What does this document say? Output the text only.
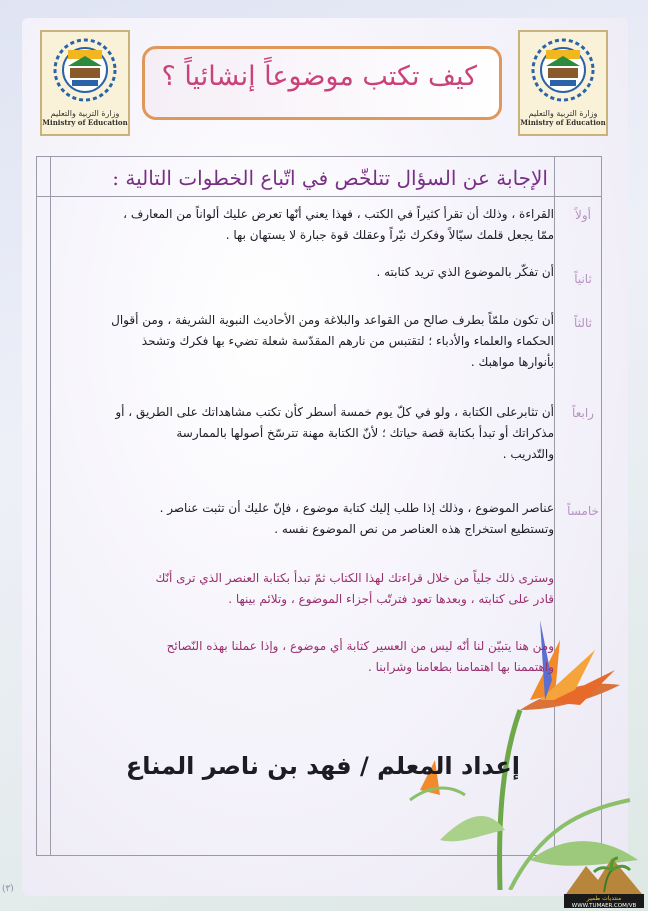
وزارة التربية والتعليم
Ministry of Education
وزارة التربية والتعليم
Ministry of Education
كيف تكتب موضوعاً إنشائياً ؟
الإجابة عن السؤال تتلخّص في اتّباع الخطوات التالية :
أولاً
القراءة ، وذلك أن تقرأ كثيراً في الكتب ، فهذا يعني أنّها تعرض عليك ألواناً من المعارف ،
ممّا يجعل قلمك سيّالاً وفكرك نيّراً وعقلك قوة جبارة لا يستهان بها .
ثانياً
أن تفكّر بالموضوع الذي تريد كتابته .
ثالثاً
أن تكون ملمّاً بطرف صالح من القواعد والبلاغة ومن الأحاديث النبوية الشريفة ، ومن أقوال
الحكماء والعلماء والأدباء ؛ لتقتبس من نارهم المقدّسة شعلة تضيء بها فكرك وتشحذ
بأنوارها مواهبك .
رابعاً
أن تثابرعلى الكتابة ، ولو في كلّ يوم خمسة أسطر كأن تكتب مشاهداتك على الطريق ، أو
مذكراتك أو تبدأ بكتابة قصة حياتك ؛ لأنّ الكتابة مهنة تترسّخ أصولها بالممارسة
والتّدريب .
خامساً
عناصر الموضوع ، وذلك إذا طلب إليك كتابة موضوع ، فإنّ عليك أن تثبت عناصر .
وتستطيع استخراج هذه العناصر من نص الموضوع نفسه .
وسترى ذلك جلياً من خلال قراءتك لهذا الكتاب ثمّ تبدأ بكتابة العنصر الذي ترى أنّك
قادر على كتابته ، وبعدها تعود فترتّب أجزاء الموضوع ، وتلائم بينها .
ومن هنا يتبيّن لنا أنّه ليس من العسير كتابة أي موضوع ، وإذا عملنا بهذه النّصائح
واهتممنا بها اهتمامنا بطعامنا وشرابنا .
إعداد المعلم / فهد بن ناصر المناع
(٣)
منتديات طمير
WWW.TUMAER.COM/VB
